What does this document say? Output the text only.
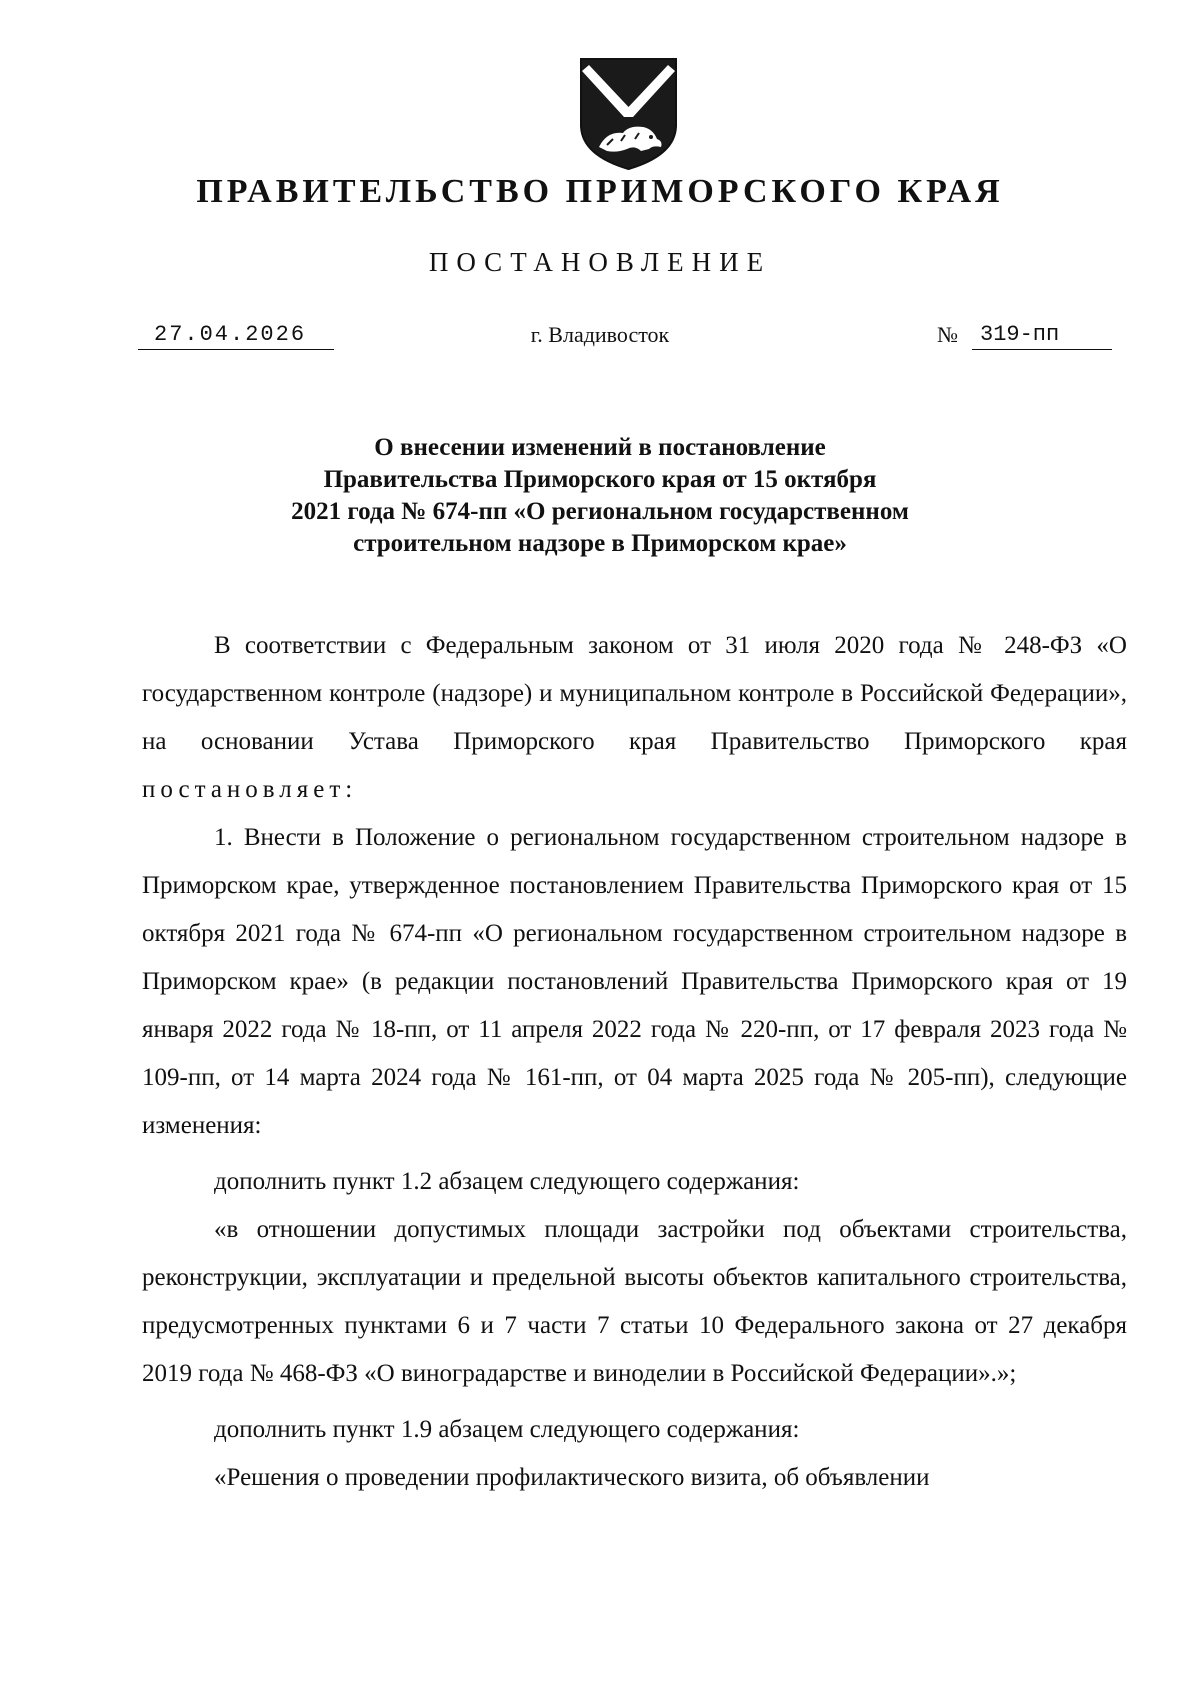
ПРАВИТЕЛЬСТВО ПРИМОРСКОГО КРАЯ
ПОСТАНОВЛЕНИЕ
27.04.2026	г. Владивосток	№	319-пп
О внесении изменений в постановление
Правительства Приморского края от 15 октября
2021 года № 674-пп «О региональном государственном
строительном надзоре в Приморском крае»

В соответствии с Федеральным законом от 31 июля 2020 года № 248-ФЗ «О государственном контроле (надзоре) и муниципальном контроле в Российской Федерации», на основании Устава Приморского края Правительство Приморского края постановляет:

1. Внести в Положение о региональном государственном строительном надзоре в Приморском крае, утвержденное постановлением Правительства Приморского края от 15 октября 2021 года № 674-пп «О региональном государственном строительном надзоре в Приморском крае» (в редакции постановлений Правительства Приморского края от 19 января 2022 года № 18-пп, от 11 апреля 2022 года № 220-пп, от 17 февраля 2023 года № 109-пп, от 14 марта 2024 года № 161-пп, от 04 марта 2025 года № 205-пп), следующие изменения:

дополнить пункт 1.2 абзацем следующего содержания:

«в отношении допустимых площади застройки под объектами строительства, реконструкции, эксплуатации и предельной высоты объектов капитального строительства, предусмотренных пунктами 6 и 7 части 7 статьи 10 Федерального закона от 27 декабря 2019 года № 468-ФЗ «О виноградарстве и виноделии в Российской Федерации».»;

дополнить пункт 1.9 абзацем следующего содержания:

«Решения о проведении профилактического визита, об объявлении
